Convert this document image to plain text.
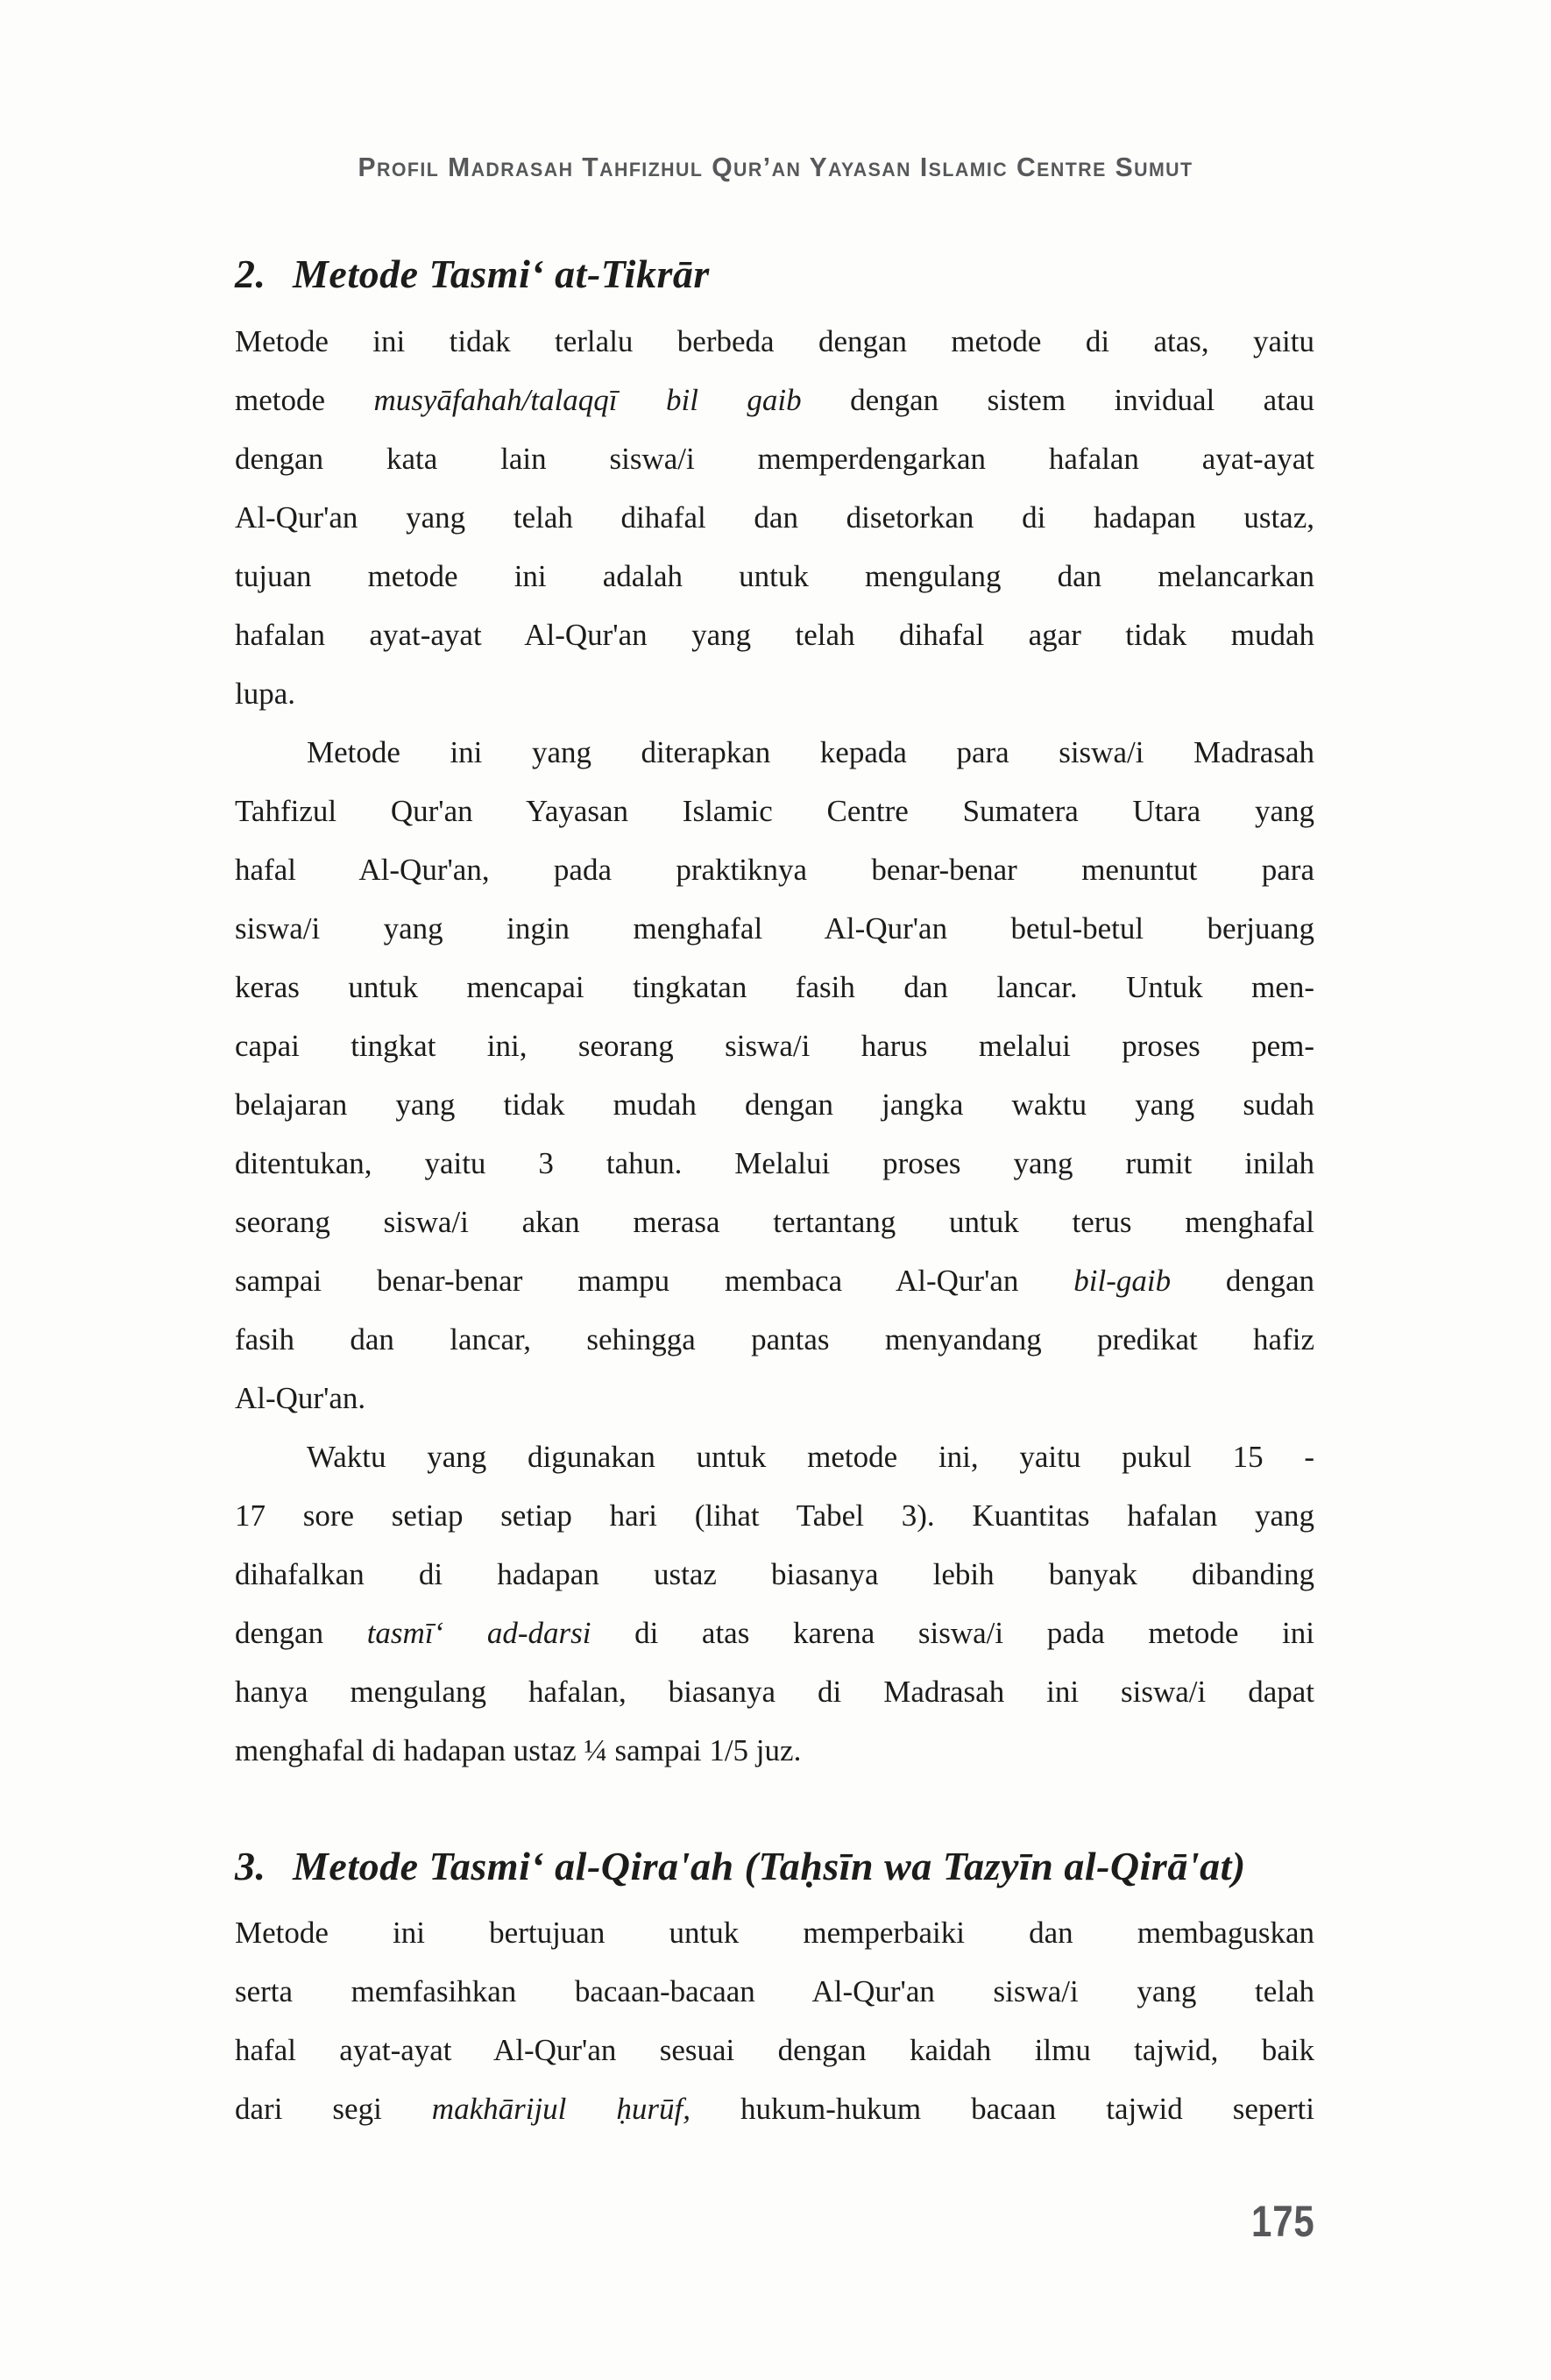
Profil Madrasah Tahfizhul Qur’an Yayasan Islamic Centre Sumut
2. Metode Tasmi‘ at-Tikrār
Metode ini tidak terlalu berbeda dengan metode di atas, yaitu
metode musyāfahah/talaqqī bil gaib dengan sistem invidual atau
dengan kata lain siswa/i memperdengarkan hafalan ayat-ayat
Al-Qur'an yang telah dihafal dan disetorkan di hadapan ustaz,
tujuan metode ini adalah untuk mengulang dan melancarkan
hafalan ayat-ayat Al-Qur'an yang telah dihafal agar tidak mudah
lupa.
Metode ini yang diterapkan kepada para siswa/i Madrasah
Tahfizul Qur'an Yayasan Islamic Centre Sumatera Utara yang
hafal Al-Qur'an, pada praktiknya benar-benar menuntut para
siswa/i yang ingin menghafal Al-Qur'an betul-betul berjuang
keras untuk mencapai tingkatan fasih dan lancar. Untuk men-
capai tingkat ini, seorang siswa/i harus melalui proses pem-
belajaran yang tidak mudah dengan jangka waktu yang sudah
ditentukan, yaitu 3 tahun. Melalui proses yang rumit inilah
seorang siswa/i akan merasa tertantang untuk terus menghafal
sampai benar-benar mampu membaca Al-Qur'an bil-gaib dengan
fasih dan lancar, sehingga pantas menyandang predikat hafiz
Al-Qur'an.
Waktu yang digunakan untuk metode ini, yaitu pukul 15 -
17 sore setiap setiap hari (lihat Tabel 3). Kuantitas hafalan yang
dihafalkan di hadapan ustaz biasanya lebih banyak dibanding
dengan tasmī‘ ad-darsi di atas karena siswa/i pada metode ini
hanya mengulang hafalan, biasanya di Madrasah ini siswa/i dapat
menghafal di hadapan ustaz ¼ sampai 1/5 juz.
3. Metode Tasmi‘ al-Qira'ah (Taḥsīn wa Tazyīn al-Qirā'at)
Metode ini bertujuan untuk memperbaiki dan membaguskan
serta memfasihkan bacaan-bacaan Al-Qur'an siswa/i yang telah
hafal ayat-ayat Al-Qur'an sesuai dengan kaidah ilmu tajwid, baik
dari segi makhārijul ḥurūf, hukum-hukum bacaan tajwid seperti
175
